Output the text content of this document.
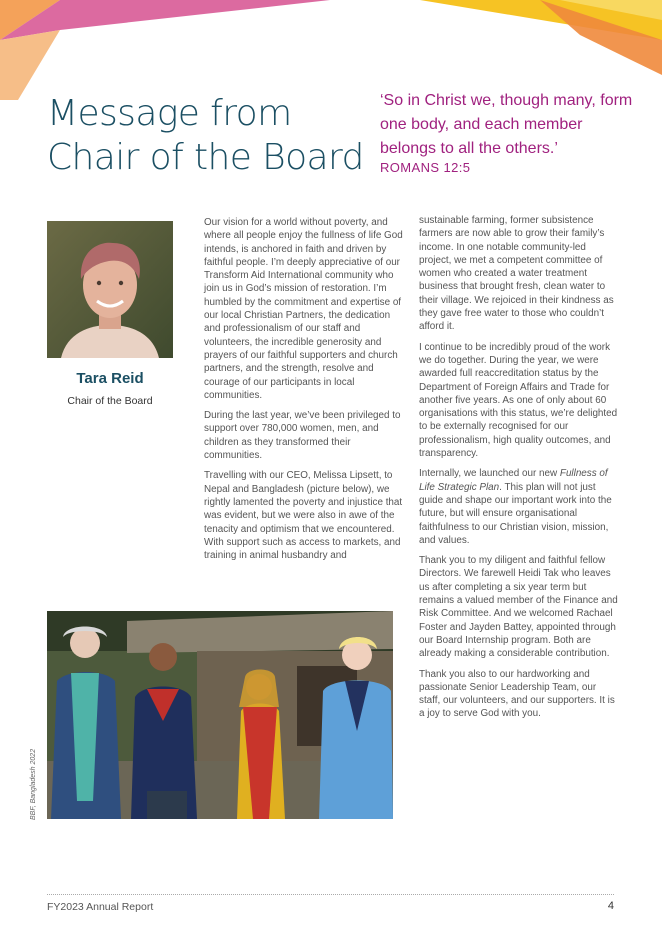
Message from
Chair of the Board

‘So in Christ we, though many, form one body, and each member belongs to all the others.’

ROMANS 12:5

Tara Reid

Chair of the Board

Our vision for a world without poverty, and where all people enjoy the fullness of life God intends, is anchored in faith and driven by faithful people. I’m deeply appreciative of our Transform Aid International community who join us in God’s mission of restoration. I’m humbled by the commitment and expertise of our local Christian Partners, the dedication and professionalism of our staff and volunteers, the incredible generosity and prayers of our faithful supporters and church partners, and the strength, resolve and courage of our participants in local communities.

During the last year, we’ve been privileged to support over 780,000 women, men, and children as they transformed their communities.

Travelling with our CEO, Melissa Lipsett, to Nepal and Bangladesh (picture below), we rightly lamented the poverty and injustice that was evident, but we were also in awe of the tenacity and optimism that we encountered. With support such as access to markets, and training in animal husbandry and

sustainable farming, former subsistence farmers are now able to grow their family’s income. In one notable community-led project, we met a competent committee of women who created a water treatment business that brought fresh, clean water to their village. We rejoiced in their kindness as they gave free water to those who couldn’t afford it.

I continue to be incredibly proud of the work we do together. During the year, we were awarded full reaccreditation status by the Department of Foreign Affairs and Trade for another five years. As one of only about 60 organisations with this status, we’re delighted to be externally recognised for our professionalism, high quality outcomes, and transparency.

Internally, we launched our new Fullness of Life Strategic Plan. This plan will not just guide and shape our important work into the future, but will ensure organisational faithfulness to our Christian vision, mission, and values.

Thank you to my diligent and faithful fellow Directors. We farewell Heidi Tak who leaves us after completing a six year term but remains a valued member of the Finance and Risk Committee. And we welcomed Rachael Foster and Jayden Battey, appointed through our Board Internship program. Both are already making a considerable contribution.

Thank you also to our hardworking and passionate Senior Leadership Team, our staff, our volunteers, and our supporters. It is a joy to serve God with you.

BBF, Bangladesh 2022
FY2023 Annual Report	4
